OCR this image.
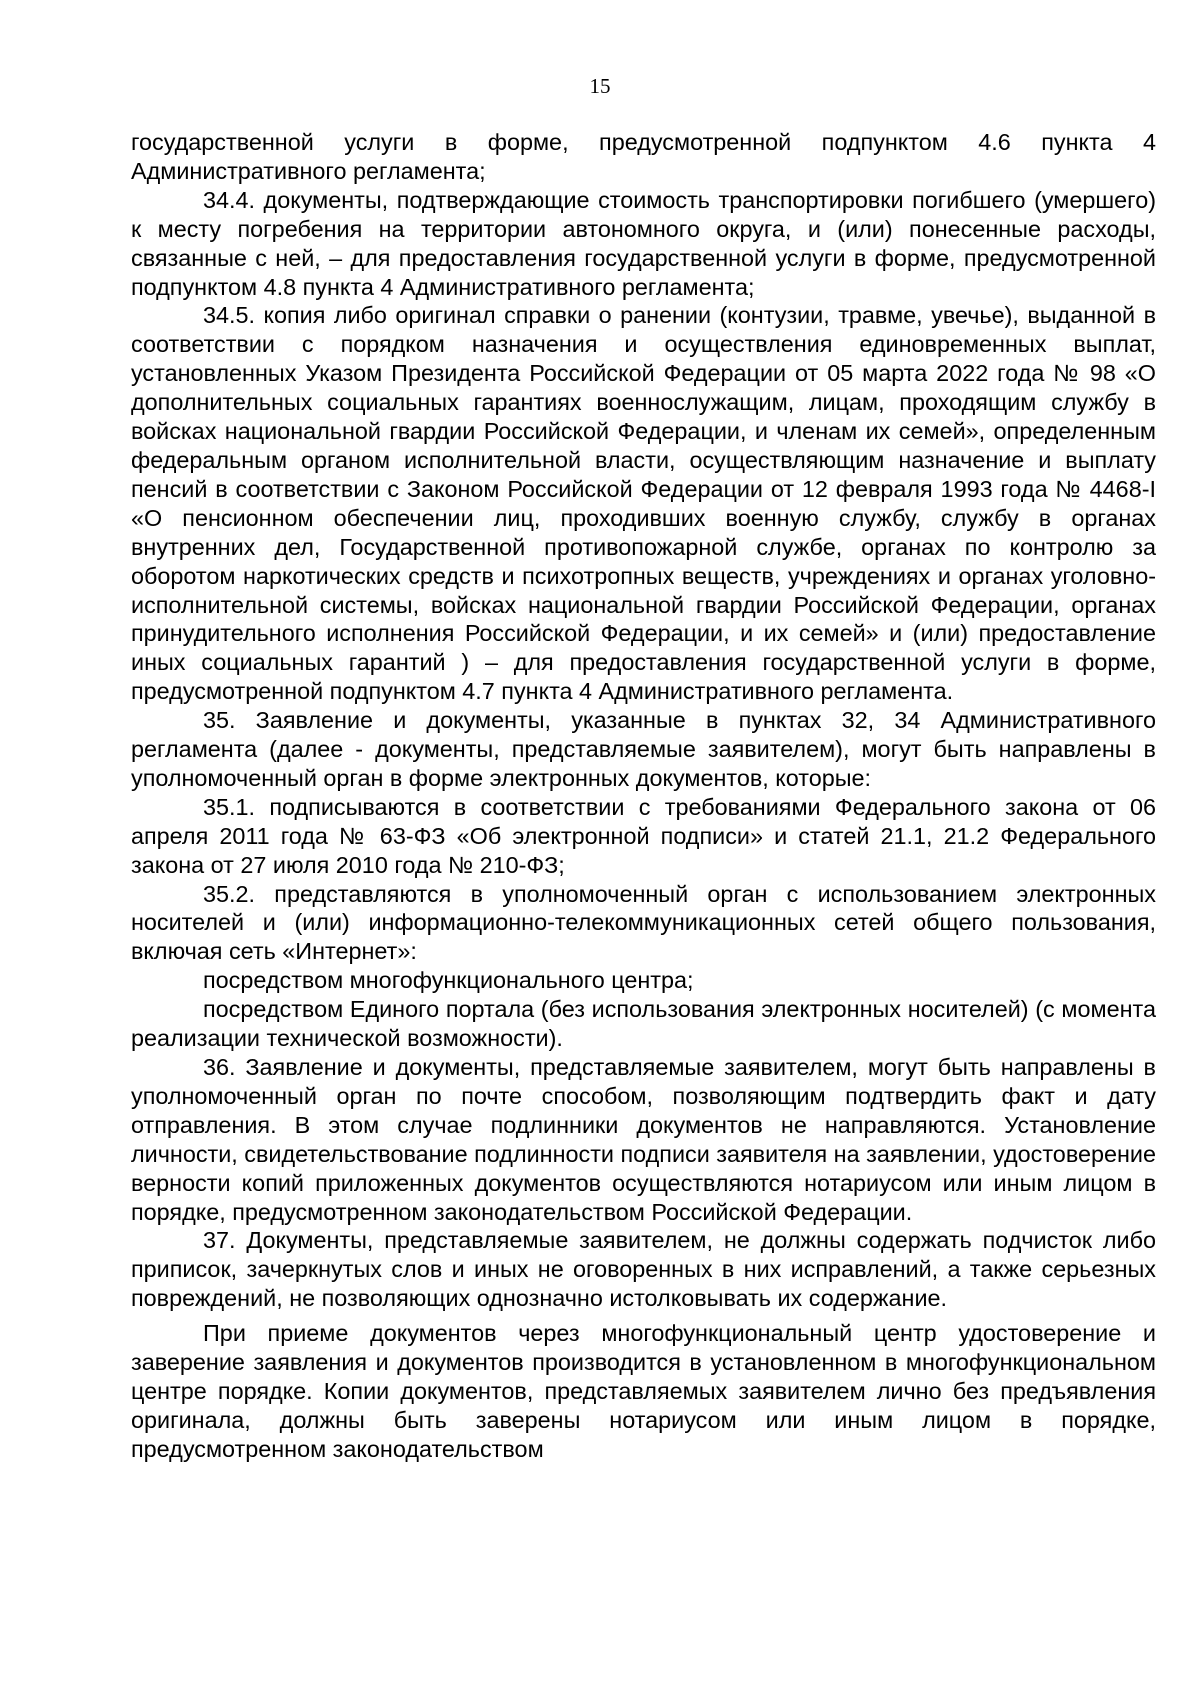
15

государственной услуги в форме, предусмотренной подпунктом 4.6 пункта 4 Административного регламента;

34.4. документы, подтверждающие стоимость транспортировки погибшего (умершего) к месту погребения на территории автономного округа, и (или) понесенные расходы, связанные с ней, – для предоставления государственной услуги в форме, предусмотренной подпунктом 4.8 пункта 4 Административного регламента;

34.5. копия либо оригинал справки о ранении (контузии, травме, увечье), выданной в соответствии с порядком назначения и осуществления единовременных выплат, установленных Указом Президента Российской Федерации от 05 марта 2022 года № 98 «О дополнительных социальных гарантиях военнослужащим, лицам, проходящим службу в войсках национальной гвардии Российской Федерации, и членам их семей», определенным федеральным органом исполнительной власти, осуществляющим назначение и выплату пенсий в соответствии с Законом Российской Федерации от 12 февраля 1993 года № 4468-I «О пенсионном обеспечении лиц, проходивших военную службу, службу в органах внутренних дел, Государственной противопожарной службе, органах по контролю за оборотом наркотических средств и психотропных веществ, учреждениях и органах уголовно-исполнительной системы, войсках национальной гвардии Российской Федерации, органах принудительного исполнения Российской Федерации, и их семей» и (или) предоставление иных социальных гарантий ) – для предоставления государственной услуги в форме, предусмотренной подпунктом 4.7 пункта 4 Административного регламента.

35. Заявление и документы, указанные в пунктах 32, 34 Административного регламента (далее - документы, представляемые заявителем), могут быть направлены в уполномоченный орган в форме электронных документов, которые:

35.1. подписываются в соответствии с требованиями Федерального закона от 06 апреля 2011 года № 63-ФЗ «Об электронной подписи» и статей 21.1, 21.2 Федерального закона от 27 июля 2010 года № 210-ФЗ;

35.2. представляются в уполномоченный орган с использованием электронных носителей и (или) информационно-телекоммуникационных сетей общего пользования, включая сеть «Интернет»:

посредством многофункционального центра;

посредством Единого портала (без использования электронных носителей) (с момента реализации технической возможности).

36. Заявление и документы, представляемые заявителем, могут быть направлены в уполномоченный орган по почте способом, позволяющим подтвердить факт и дату отправления. В этом случае подлинники документов не направляются. Установление личности, свидетельствование подлинности подписи заявителя на заявлении, удостоверение верности копий приложенных документов осуществляются нотариусом или иным лицом в порядке, предусмотренном законодательством Российской Федерации.

37. Документы, представляемые заявителем, не должны содержать подчисток либо приписок, зачеркнутых слов и иных не оговоренных в них исправлений, а также серьезных повреждений, не позволяющих однозначно истолковывать их содержание.

При приеме документов через многофункциональный центр удостоверение и заверение заявления и документов производится в установленном в многофункциональном центре порядке. Копии документов, представляемых заявителем лично без предъявления оригинала, должны быть заверены нотариусом или иным лицом в порядке, предусмотренном законодательством
